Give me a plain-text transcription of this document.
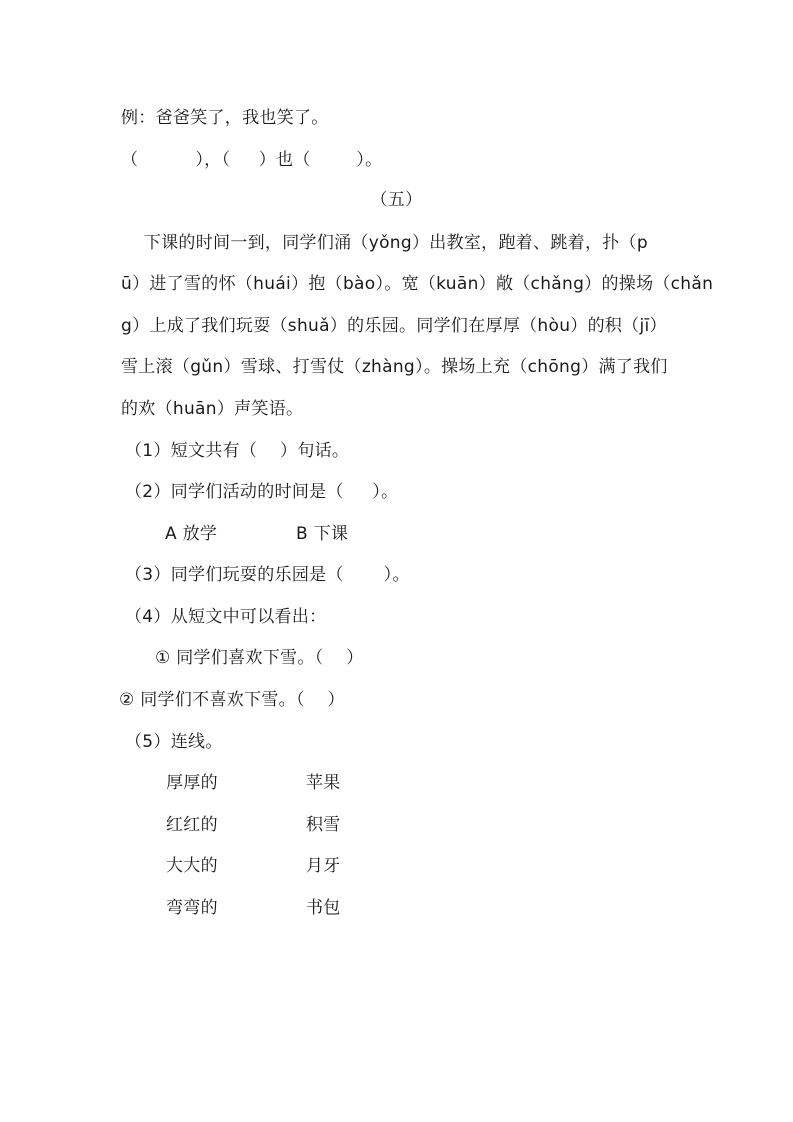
例：爸爸笑了，我也笑了。
（          ），（     ）也（        ）。
（五）
下课的时间一到，同学们涌（yǒng）出教室，跑着、跳着，扑（p
ū）进了雪的怀（huái）抱（bào）。宽（kuān）敞（chǎng）的操场（chǎn
g）上成了我们玩耍（shuǎ）的乐园。同学们在厚厚（hòu）的积（jī）
雪上滚（gǔn）雪球、打雪仗（zhàng）。操场上充（chōng）满了我们
的欢（huān）声笑语。
（1）短文共有（    ）句话。
（2）同学们活动的时间是（     ）。
A 放学	B 下课
（3）同学们玩耍的乐园是（       ）。
（4）从短文中可以看出：
① 同学们喜欢下雪。（    ）
② 同学们不喜欢下雪。（    ）
（5）连线。
厚厚的	苹果
红红的	积雪
大大的	月牙
弯弯的	书包
